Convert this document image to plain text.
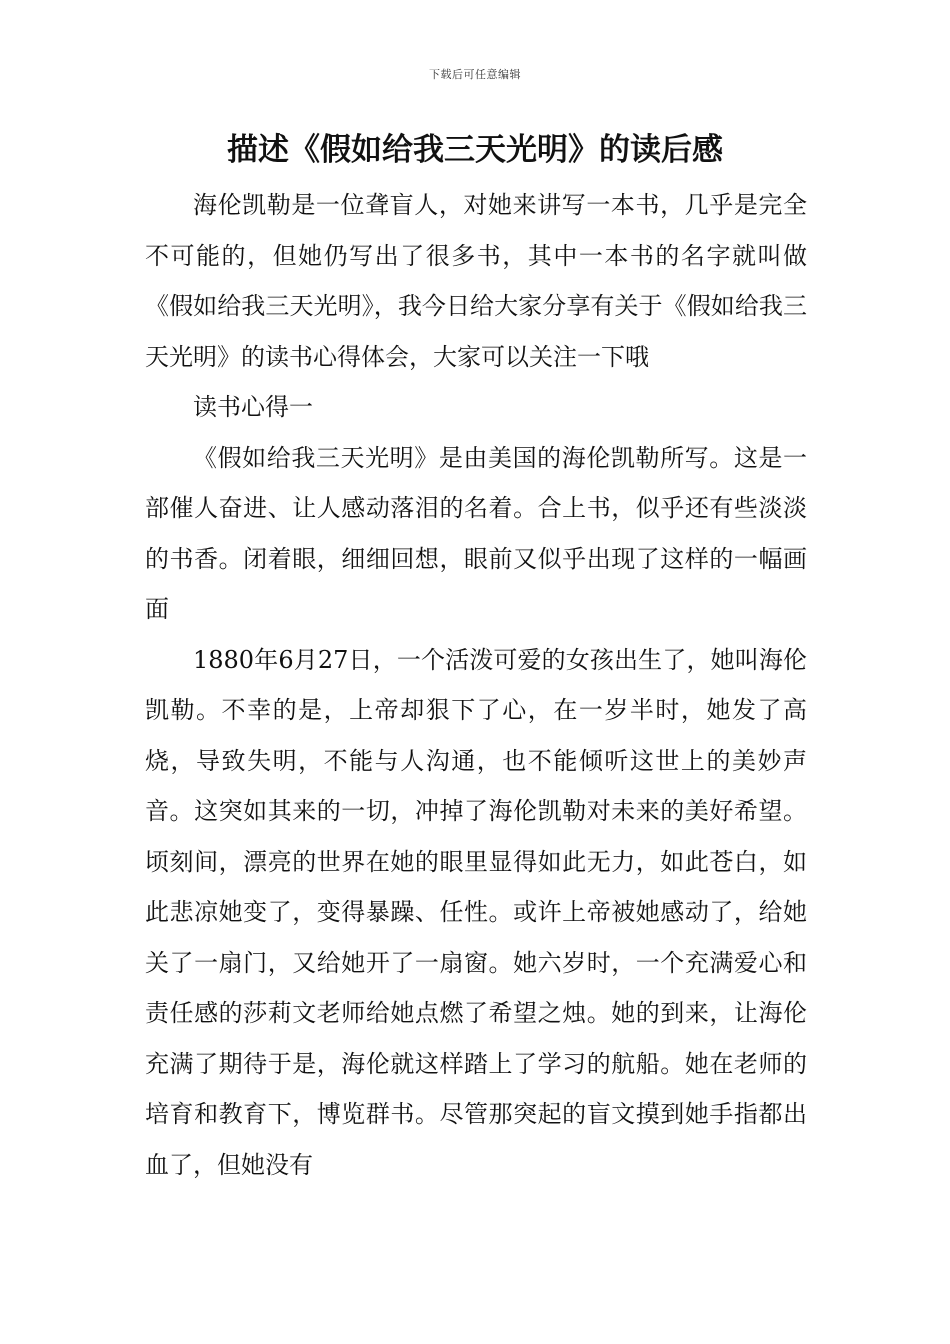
下载后可任意编辑
描述《假如给我三天光明》的读后感

海伦凯勒是一位聋盲人，对她来讲写一本书，几乎是完全不可能的，但她仍写出了很多书，其中一本书的名字就叫做《假如给我三天光明》，我今日给大家分享有关于《假如给我三天光明》的读书心得体会，大家可以关注一下哦

读书心得一

《假如给我三天光明》是由美国的海伦凯勒所写。这是一部催人奋进、让人感动落泪的名着。合上书，似乎还有些淡淡的书香。闭着眼，细细回想，眼前又似乎出现了这样的一幅画面

1880年6月27日，一个活泼可爱的女孩出生了，她叫海伦凯勒。不幸的是，上帝却狠下了心，在一岁半时，她发了高烧，导致失明，不能与人沟通，也不能倾听这世上的美妙声音。这突如其来的一切，冲掉了海伦凯勒对未来的美好希望。顷刻间，漂亮的世界在她的眼里显得如此无力，如此苍白，如此悲凉她变了，变得暴躁、任性。或许上帝被她感动了，给她关了一扇门，又给她开了一扇窗。她六岁时，一个充满爱心和责任感的莎莉文老师给她点燃了希望之烛。她的到来，让海伦充满了期待于是，海伦就这样踏上了学习的航船。她在老师的培育和教育下，博览群书。尽管那突起的盲文摸到她手指都出血了，但她没有
